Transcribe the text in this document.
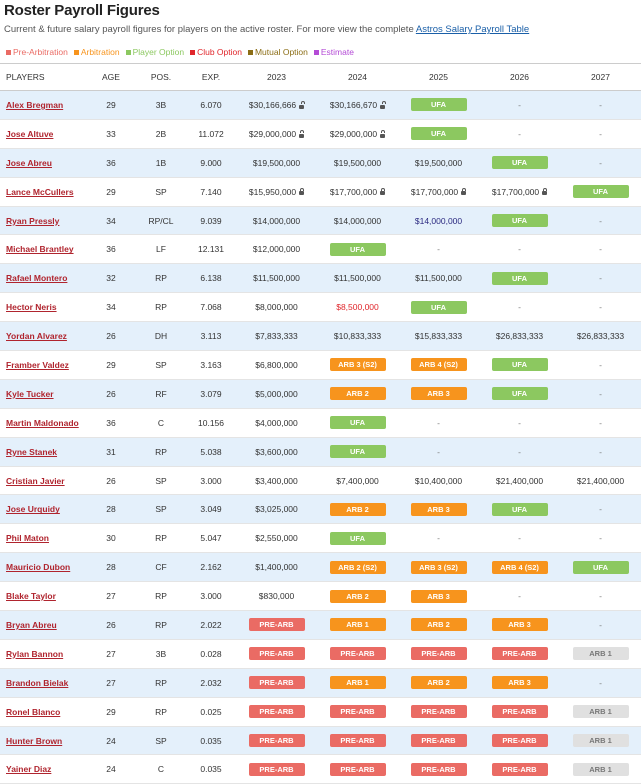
Roster Payroll Figures
Current & future salary payroll figures for players on the active roster. For more view the complete Astros Salary Payroll Table
Pre-Arbitration Arbitration Player Option Club Option Mutual Option Estimate
PLAYERS	AGE	POS.	EXP.	2023	2024	2025	2026	2027
Alex Bregman	29	3B	6.070	$30,166,666	$30,166,670	UFA	-	-
Jose Altuve	33	2B	11.072	$29,000,000	$29,000,000	UFA	-	-
Jose Abreu	36	1B	9.000	$19,500,000	$19,500,000	$19,500,000	UFA	-
Lance McCullers	29	SP	7.140	$15,950,000	$17,700,000	$17,700,000	$17,700,000	UFA
Ryan Pressly	34	RP/CL	9.039	$14,000,000	$14,000,000	$14,000,000	UFA	-
Michael Brantley	36	LF	12.131	$12,000,000	UFA	-	-	-
Rafael Montero	32	RP	6.138	$11,500,000	$11,500,000	$11,500,000	UFA	-
Hector Neris	34	RP	7.068	$8,000,000	$8,500,000	UFA	-	-
Yordan Alvarez	26	DH	3.113	$7,833,333	$10,833,333	$15,833,333	$26,833,333	$26,833,333
Framber Valdez	29	SP	3.163	$6,800,000	ARB 3 (S2)	ARB 4 (S2)	UFA	-
Kyle Tucker	26	RF	3.079	$5,000,000	ARB 2	ARB 3	UFA	-
Martin Maldonado	36	C	10.156	$4,000,000	UFA	-	-	-
Ryne Stanek	31	RP	5.038	$3,600,000	UFA	-	-	-
Cristian Javier	26	SP	3.000	$3,400,000	$7,400,000	$10,400,000	$21,400,000	$21,400,000
Jose Urquidy	28	SP	3.049	$3,025,000	ARB 2	ARB 3	UFA	-
Phil Maton	30	RP	5.047	$2,550,000	UFA	-	-	-
Mauricio Dubon	28	CF	2.162	$1,400,000	ARB 2 (S2)	ARB 3 (S2)	ARB 4 (S2)	UFA
Blake Taylor	27	RP	3.000	$830,000	ARB 2	ARB 3	-	-
Bryan Abreu	26	RP	2.022	PRE-ARB	ARB 1	ARB 2	ARB 3	-
Rylan Bannon	27	3B	0.028	PRE-ARB	PRE-ARB	PRE-ARB	PRE-ARB	ARB 1
Brandon Bielak	27	RP	2.032	PRE-ARB	ARB 1	ARB 2	ARB 3	-
Ronel Blanco	29	RP	0.025	PRE-ARB	PRE-ARB	PRE-ARB	PRE-ARB	ARB 1
Hunter Brown	24	SP	0.035	PRE-ARB	PRE-ARB	PRE-ARB	PRE-ARB	ARB 1
Yainer Diaz	24	C	0.035	PRE-ARB	PRE-ARB	PRE-ARB	PRE-ARB	ARB 1
